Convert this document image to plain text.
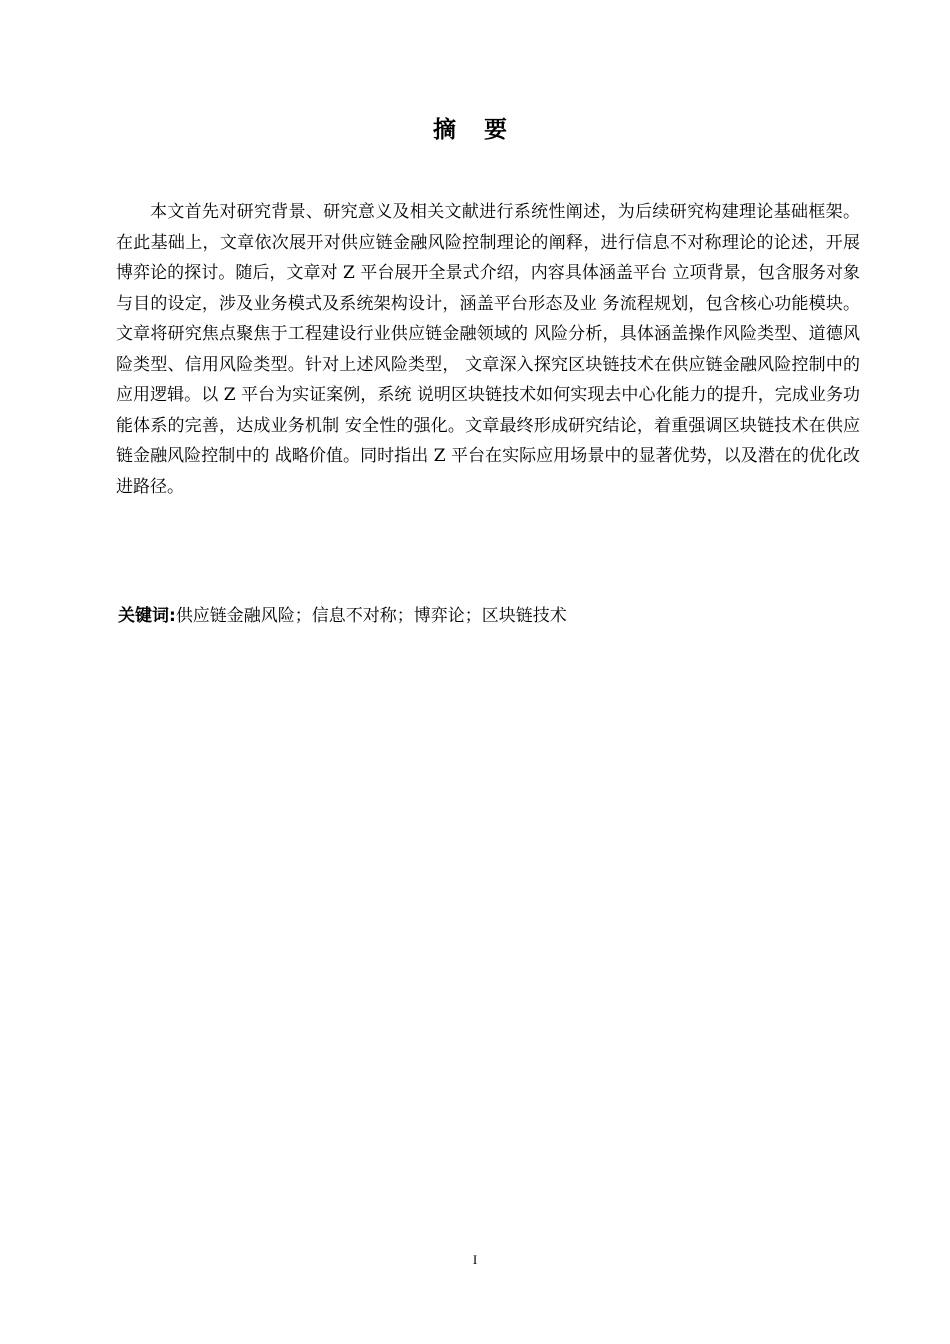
摘 要

本文首先对研究背景、研究意义及相关文献进行系统性阐述，为后续研究构建理论基础框架。在此基础上，文章依次展开对供应链金融风险控制理论的阐释，进行信息不对称理论的论述，开展博弈论的探讨。随后，文章对 Z 平台展开全景式介绍，内容具体涵盖平台 立项背景，包含服务对象与目的设定，涉及业务模式及系统架构设计，涵盖平台形态及业 务流程规划，包含核心功能模块。文章将研究焦点聚焦于工程建设行业供应链金融领域的 风险分析，具体涵盖操作风险类型、道德风险类型、信用风险类型。针对上述风险类型， 文章深入探究区块链技术在供应链金融风险控制中的应用逻辑。以 Z 平台为实证案例，系统 说明区块链技术如何实现去中心化能力的提升，完成业务功能体系的完善，达成业务机制 安全性的强化。文章最终形成研究结论，着重强调区块链技术在供应链金融风险控制中的 战略价值。同时指出 Z 平台在实际应用场景中的显著优势，以及潜在的优化改进路径。

关键词:供应链金融风险；信息不对称；博弈论；区块链技术
I
